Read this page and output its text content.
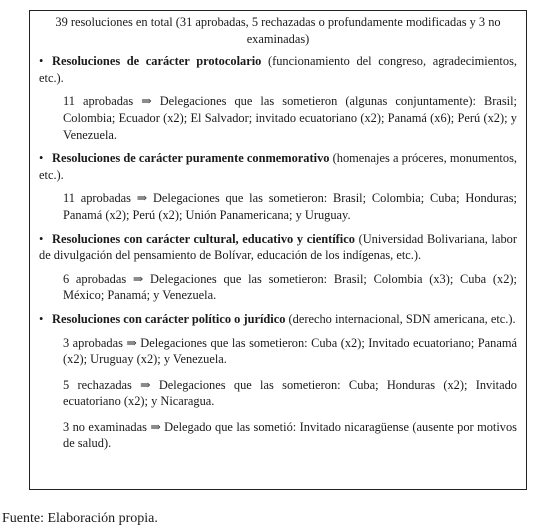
39 resoluciones en total (31 aprobadas, 5 rechazadas o profundamente modificadas y 3 no examinadas)

• Resoluciones de carácter protocolario (funcionamiento del congreso, agradecimientos, etc.).

11 aprobadas ⇒ Delegaciones que las sometieron (algunas conjuntamente): Brasil; Colombia; Ecuador (x2); El Salvador; invitado ecuatoriano (x2); Panamá (x6); Perú (x2); y Venezuela.

• Resoluciones de carácter puramente conmemorativo (homenajes a próceres, monumentos, etc.).

11 aprobadas ⇒ Delegaciones que las sometieron: Brasil; Colombia; Cuba; Honduras; Panamá (x2); Perú (x2); Unión Panamericana; y Uruguay.

• Resoluciones con carácter cultural, educativo y científico (Universidad Bolivariana, labor de divulgación del pensamiento de Bolívar, educación de los indígenas, etc.).

6 aprobadas ⇒ Delegaciones que las sometieron: Brasil; Colombia (x3); Cuba (x2); México; Panamá; y Venezuela.

• Resoluciones con carácter político o jurídico (derecho internacional, SDN americana, etc.).

3 aprobadas ⇒ Delegaciones que las sometieron: Cuba (x2); Invitado ecuatoriano; Panamá (x2); Uruguay (x2); y Venezuela.

5 rechazadas ⇒ Delegaciones que las sometieron: Cuba; Honduras (x2); Invitado ecuatoriano (x2); y Nicaragua.

3 no examinadas ⇒ Delegado que las sometió: Invitado nicaragüense (ausente por motivos de salud).

Fuente: Elaboración propia.
